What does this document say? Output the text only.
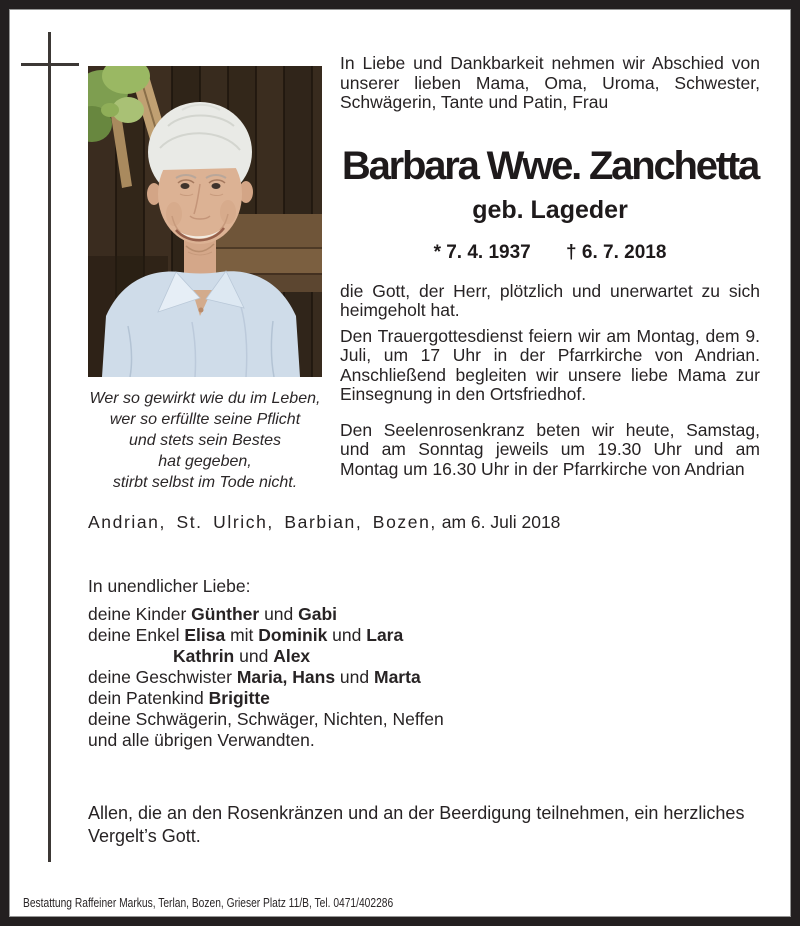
Wer so gewirkt wie du im Leben,
wer so erfüllte seine Pflicht
und stets sein Bestes
hat gegeben,
stirbt selbst im Tode nicht.

In Liebe und Dankbarkeit nehmen wir Abschied von unserer lieben Mama, Oma, Uroma, Schwester, Schwägerin, Tante und Patin, Frau

Barbara Wwe. Zanchetta
geb. Lageder
* 7. 4. 1937 † 6. 7. 2018

die Gott, der Herr, plötzlich und unerwartet zu sich heimgeholt hat.

Den Trauergottesdienst feiern wir am Montag, dem 9. Juli, um 17 Uhr in der Pfarrkirche von Andrian. Anschließend begleiten wir unsere liebe Mama zur Einsegnung in den Ortsfriedhof.

Den Seelenrosenkranz beten wir heute, Samstag, und am Sonntag jeweils um 19.30 Uhr und am Montag um 16.30 Uhr in der Pfarrkirche von Andrian

Andrian, St. Ulrich, Barbian, Bozen, am 6. Juli 2018
In unendlicher Liebe:
deine Kinder Günther und Gabi
deine Enkel Elisa mit Dominik und Lara
Kathrin und Alex
deine Geschwister Maria, Hans und Marta
dein Patenkind Brigitte
deine Schwägerin, Schwäger, Nichten, Neffen
und alle übrigen Verwandten.

Allen, die an den Rosenkränzen und an der Beerdigung teilnehmen, ein herzliches Vergelt’s Gott.

Bestattung Raffeiner Markus, Terlan, Bozen, Grieser Platz 11/B, Tel. 0471/402286
